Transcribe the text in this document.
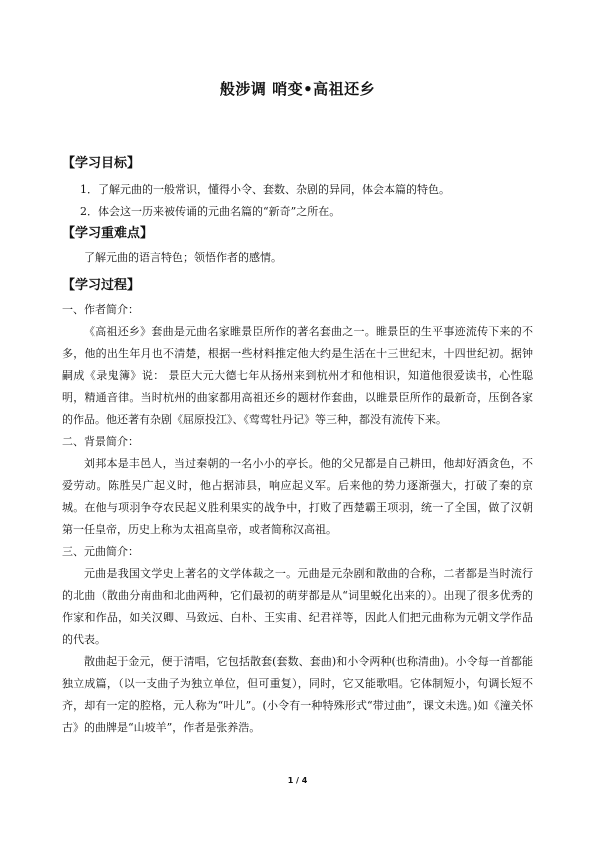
般涉调 哨变•高祖还乡
【学习目标】
1．了解元曲的一般常识，懂得小令、套数、杂剧的异同，体会本篇的特色。
2．体会这一历来被传诵的元曲名篇的“新奇”之所在。
【学习重难点】

了解元曲的语言特色；领悟作者的感情。

【学习过程】

一、作者简介：

《高祖还乡》套曲是元曲名家睢景臣所作的著名套曲之一。睢景臣的生平事迹流传下来的不多，他的出生年月也不清楚，根据一些材料推定他大约是生活在十三世纪末，十四世纪初。据钟嗣成《录鬼簿》说： 景臣大元大德七年从扬州来到杭州才和他相识，知道他很爱读书，心性聪明，精通音律。当时杭州的曲家都用高祖还乡的题材作套曲，以睢景臣所作的最新奇，压倒各家的作品。他还著有杂剧《屈原投江》、《莺莺牡丹记》等三种，都没有流传下来。

二、背景简介：

刘邦本是丰邑人，当过秦朝的一名小小的亭长。他的父兄都是自己耕田，他却好酒贪色，不爱劳动。陈胜吴广起义时，他占据沛县，响应起义军。后来他的势力逐渐强大，打破了秦的京城。在他与项羽争夺农民起义胜利果实的战争中，打败了西楚霸王项羽，统一了全国，做了汉朝第一任皇帝，历史上称为太祖高皇帝，或者简称汉高祖。

三、元曲简介：

元曲是我国文学史上著名的文学体裁之一。元曲是元杂剧和散曲的合称，二者都是当时流行的北曲（散曲分南曲和北曲两种，它们最初的萌芽都是从“词里蜕化出来的）。出现了很多优秀的作家和作品，如关汉卿、马致远、白朴、王实甫、纪君祥等，因此人们把元曲称为元朝文学作品的代表。

散曲起于金元，便于清唱，它包括散套(套数、套曲)和小令两种(也称清曲)。小令每一首都能独立成篇，（以一支曲子为独立单位，但可重复），同时，它又能歌唱。它体制短小，句调长短不齐，却有一定的腔格，元人称为“叶儿”。(小令有一种特殊形式“带过曲”，课文未选。)如《潼关怀古》的曲牌是“山坡羊”，作者是张养浩。

1 / 4
